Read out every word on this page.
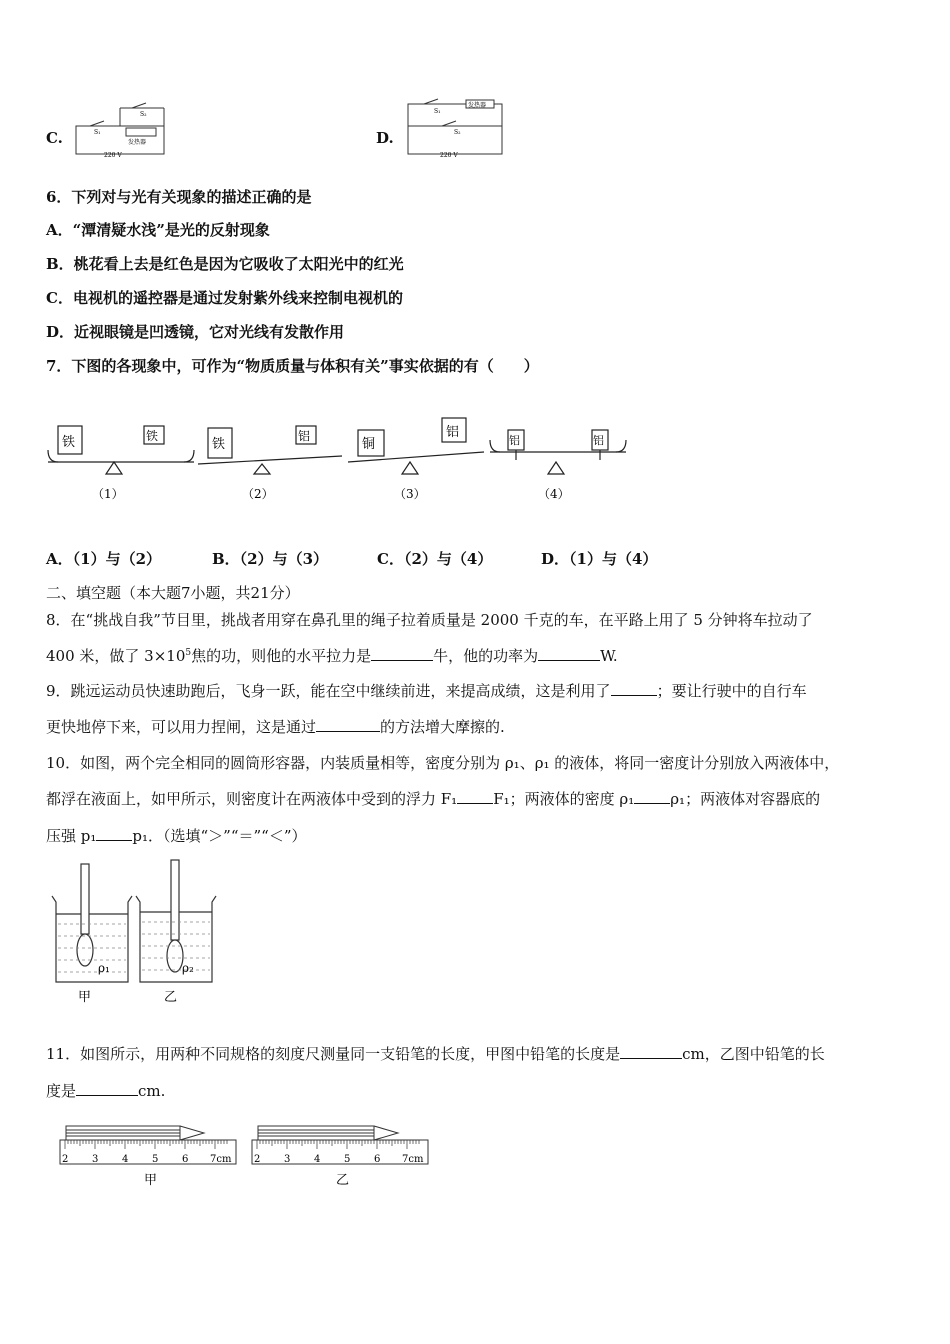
C.
S₂
S₁
发热器
220 V
D.
S₁
S₂
发热器
220 V
6．下列对与光有关现象的描述正确的是
A．“潭清疑水浅”是光的反射现象
B．桃花看上去是红色是因为它吸收了太阳光中的红光
C．电视机的遥控器是通过发射紫外线来控制电视机的
D．近视眼镜是凹透镜，它对光线有发散作用
7．下图的各现象中，可作为“物质质量与体积有关”事实依据的有（　　）
铁	铁
（1）
铁
铝
（2）
铜
铝
（3）
铝	铝
（4）
A．（1）与（2）	B．（2）与（3）	C．（2）与（4）	D．（1）与（4）
二、填空题（本大题7小题，共21分）
8．在“挑战自我”节目里，挑战者用穿在鼻孔里的绳子拉着质量是 2000 千克的车，在平路上用了 5 分钟将车拉动了
400 米，做了 $3\times 10^5$焦的功，则他的水平拉力是	牛，他的功率为	W.
9．跳远运动员快速助跑后，飞身一跃，能在空中继续前进，来提高成绩，这是利用了	；要让行驶中的自行车
更快地停下来，可以用力捏闸，这是通过	的方法增大摩擦的.
10．如图，两个完全相同的圆筒形容器，内装质量相等，密度分别为 ρ₁、ρ₁ 的液体，将同一密度计分别放入两液体中，
都浮在液面上，如甲所示，则密度计在两液体中受到的浮力 F₁ F₁；两液体的密度 ρ₁ ρ₁；两液体对容器底的
压强 p₁ p₁．（选填“＞”“＝”“＜”）
ρ₁	ρ₂
甲	乙
11．如图所示，用两种不同规格的刻度尺测量同一支铅笔的长度，甲图中铅笔的长度是	cm，乙图中铅笔的长
度是	cm.
2 3 4 5 6 7cm 2 3 4 5 6 7cm
甲	乙
